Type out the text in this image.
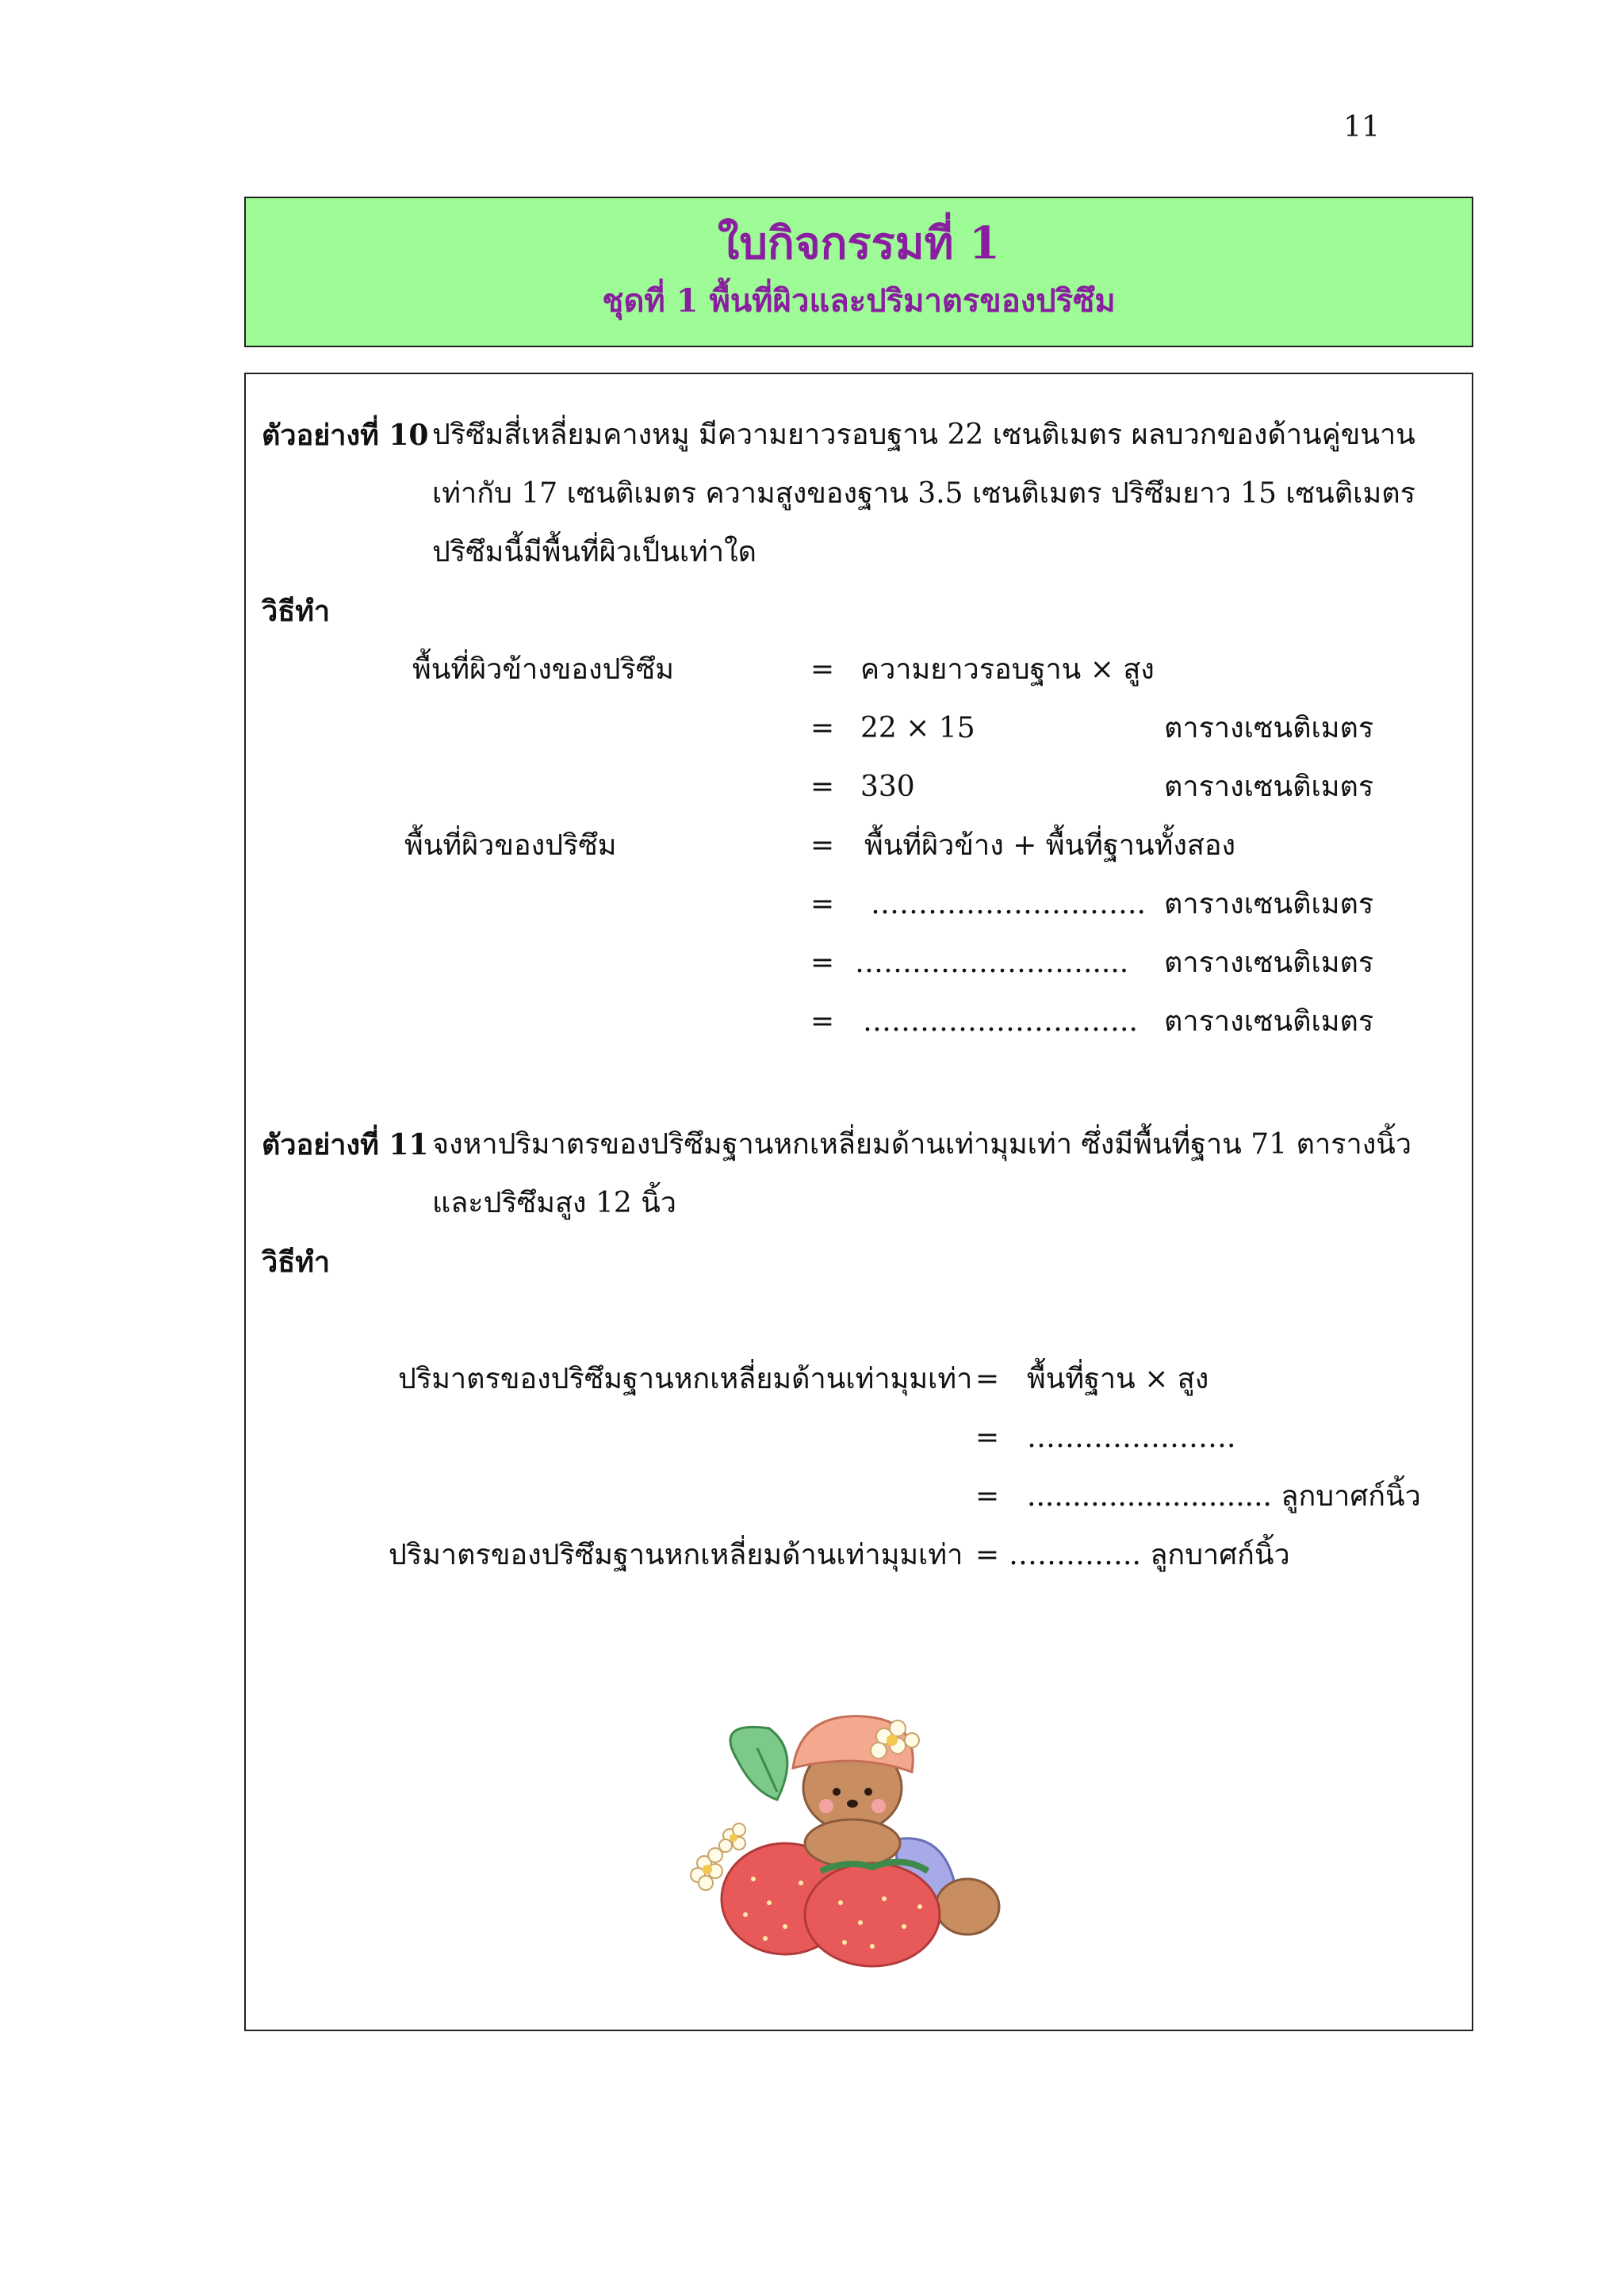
11
ใบกิจกรรมที่ 1
ชุดที่ 1 พื้นที่ผิวและปริมาตรของปริซึม
ตัวอย่างที่ 10 ปริซึมสี่เหลี่ยมคางหมู มีความยาวรอบฐาน 22 เซนติเมตร ผลบวกของด้านคู่ขนาน
เท่ากับ 17 เซนติเมตร ความสูงของฐาน 3.5 เซนติเมตร ปริซึมยาว 15 เซนติเมตร
ปริซึมนี้มีพื้นที่ผิวเป็นเท่าใด
วิธีทำ
พื้นที่ผิวข้างของปริซึม	= ความยาวรอบฐาน × สูง
= 22 × 15	ตารางเซนติเมตร
= 330	ตารางเซนติเมตร
พื้นที่ผิวของปริซึม	= พื้นที่ผิวข้าง + พื้นที่ฐานทั้งสอง
= ……………………….. ตารางเซนติเมตร
= ……………………..... ตารางเซนติเมตร
= ……………………….. ตารางเซนติเมตร
ตัวอย่างที่ 11 จงหาปริมาตรของปริซึมฐานหกเหลี่ยมด้านเท่ามุมเท่า ซึ่งมีพื้นที่ฐาน 71 ตารางนิ้ว
และปริซึมสูง 12 นิ้ว
วิธีทำ
ปริมาตรของปริซึมฐานหกเหลี่ยมด้านเท่ามุมเท่า = พื้นที่ฐาน × สูง
= ………………….
= ........................... ลูกบาศก์นิ้ว
ปริมาตรของปริซึมฐานหกเหลี่ยมด้านเท่ามุมเท่า = ………….. ลูกบาศก์นิ้ว
